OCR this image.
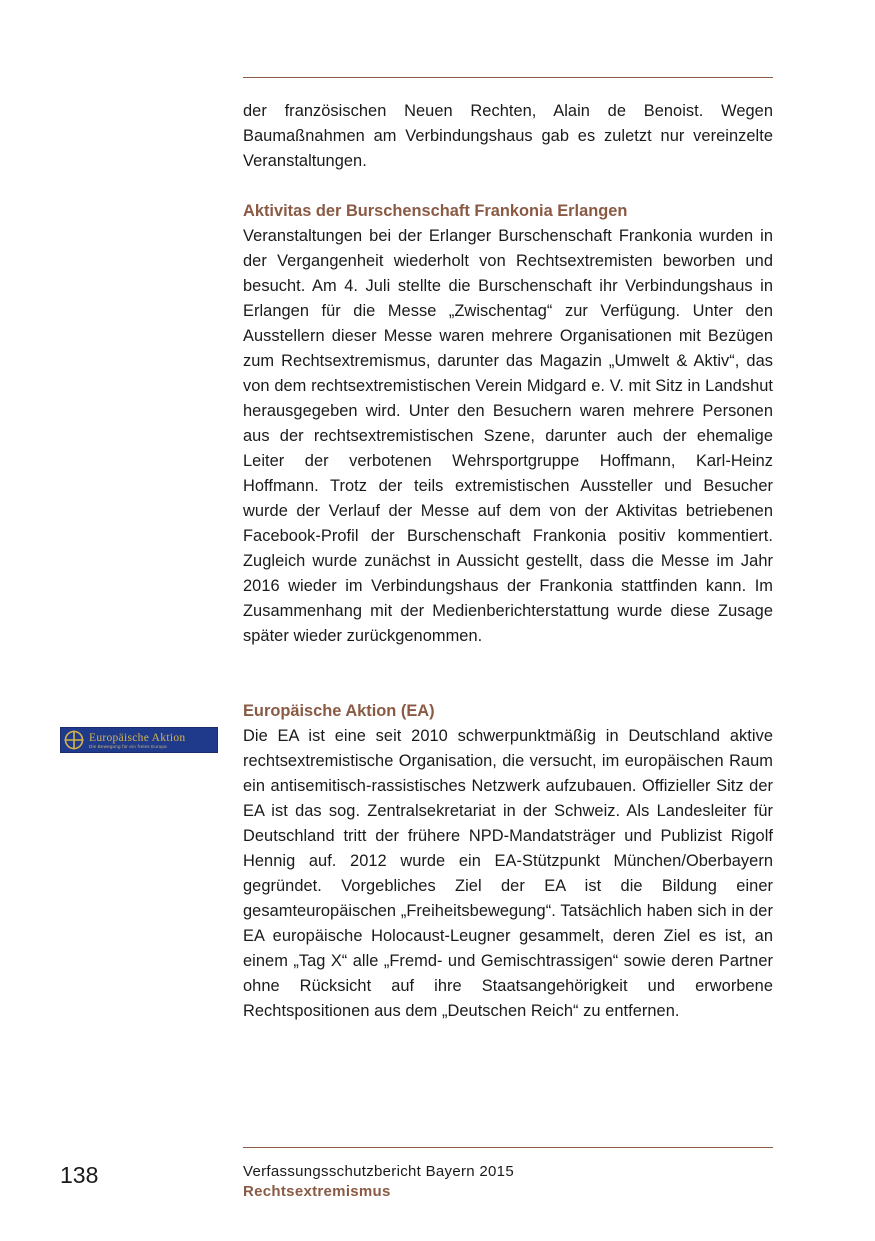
der französischen Neuen Rechten, Alain de Benoist. Wegen Baumaßnahmen am Verbindungshaus gab es zuletzt nur vereinzelte Veranstaltungen.

Aktivitas der Burschenschaft Frankonia Erlangen

Veranstaltungen bei der Erlanger Burschenschaft Frankonia wurden in der Vergangenheit wiederholt von Rechtsextremisten beworben und besucht. Am 4. Juli stellte die Burschenschaft ihr Verbindungshaus in Erlangen für die Messe „Zwischentag“ zur Verfügung. Unter den Ausstellern dieser Messe waren mehrere Organisationen mit Bezügen zum Rechtsextremismus, darunter das Magazin „Umwelt & Aktiv“, das von dem rechtsextremistischen Verein Midgard e. V. mit Sitz in Landshut herausgegeben wird. Unter den Besuchern waren mehrere Personen aus der rechtsextremistischen Szene, darunter auch der ehemalige Leiter der verbotenen Wehrsportgruppe Hoffmann, Karl-Heinz Hoffmann. Trotz der teils extremistischen Aussteller und Besucher wurde der Verlauf der Messe auf dem von der Aktivitas betriebenen Facebook-Profil der Burschenschaft Frankonia positiv kommentiert. Zugleich wurde zunächst in Aussicht gestellt, dass die Messe im Jahr 2016 wieder im Verbindungshaus der Frankonia stattfinden kann. Im Zusammenhang mit der Medienberichterstattung wurde diese Zusage später wieder zurückgenommen.

Europäische Aktion
Die Bewegung für ein freies Europa
Europäische Aktion (EA)

Die EA ist eine seit 2010 schwerpunktmäßig in Deutschland aktive rechtsextremistische Organisation, die versucht, im europäischen Raum ein antisemitisch-rassistisches Netzwerk aufzubauen. Offizieller Sitz der EA ist das sog. Zentralsekretariat in der Schweiz. Als Landesleiter für Deutschland tritt der frühere NPD-Mandatsträger und Publizist Rigolf Hennig auf. 2012 wurde ein EA-Stützpunkt München/Oberbayern gegründet. Vorgebliches Ziel der EA ist die Bildung einer gesamteuropäischen „Freiheitsbewegung“. Tatsächlich haben sich in der EA europäische Holocaust-Leugner gesammelt, deren Ziel es ist, an einem „Tag X“ alle „Fremd- und Gemischtrassigen“ sowie deren Partner ohne Rücksicht auf ihre Staatsangehörigkeit und erworbene Rechtspositionen aus dem „Deutschen Reich“ zu entfernen.

138	Verfassungsschutzbericht Bayern 2015
Rechtsextremismus
